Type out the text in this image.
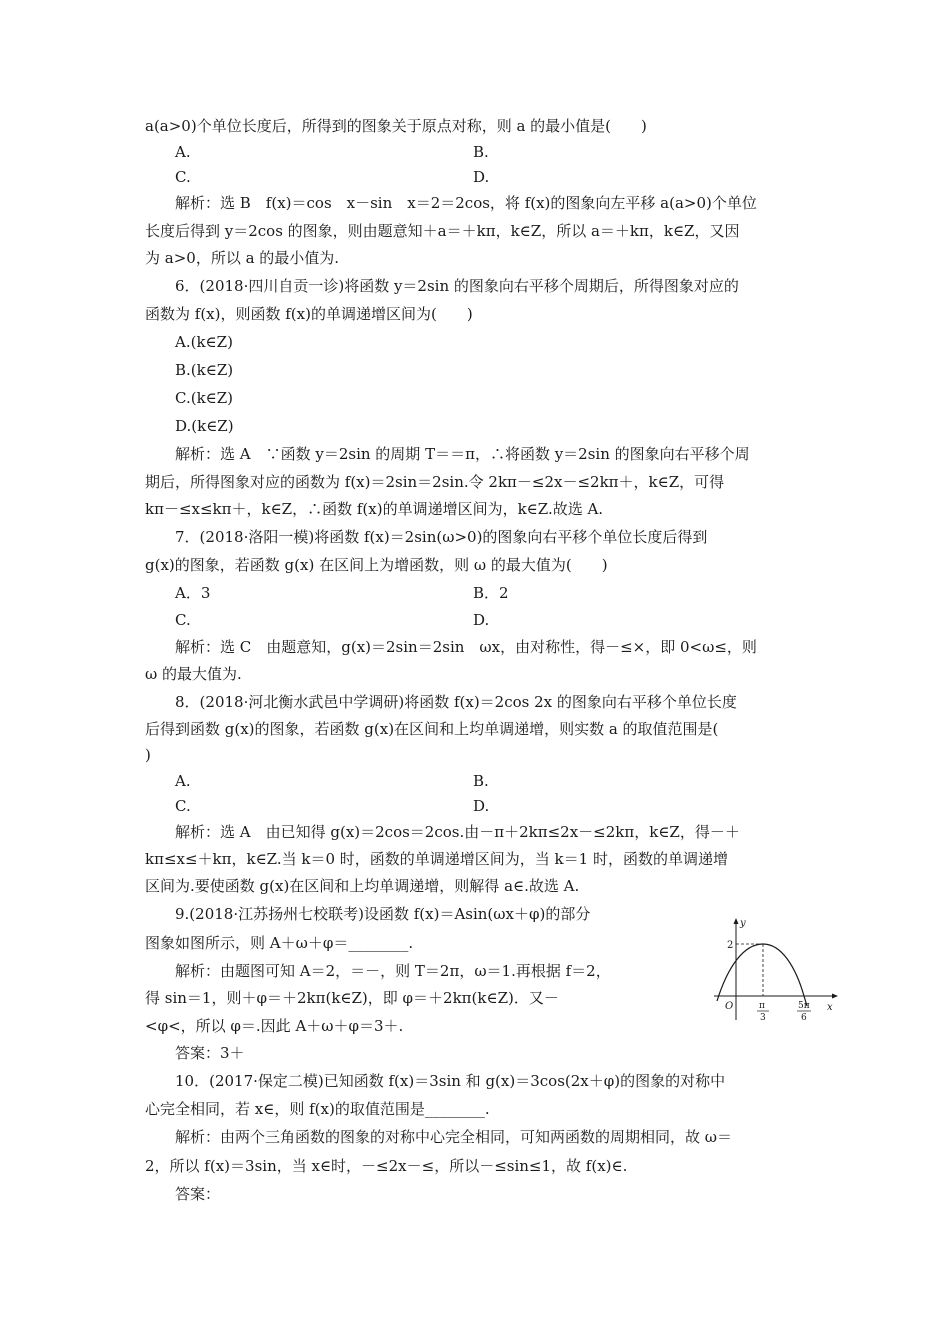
a(a>0)个单位长度后，所得到的图象关于原点对称，则 a 的最小值是(　　)
A.
C.
解析：选 B　f(x)＝cos　x－sin　x＝2＝2cos，将 f(x)的图象向左平移 a(a>0)个单位
长度后得到 y＝2cos 的图象，则由题意知＋a＝＋kπ，k∈Z，所以 a＝＋kπ，k∈Z，又因
为 a>0，所以 a 的最小值为.
6．(2018·四川自贡一诊)将函数 y＝2sin 的图象向右平移个周期后，所得图象对应的
函数为 f(x)，则函数 f(x)的单调递增区间为(　　)
A.(k∈Z)
B.(k∈Z)
C.(k∈Z)
D.(k∈Z)
解析：选 A　∵函数 y＝2sin 的周期 T＝＝π，∴将函数 y＝2sin 的图象向右平移个周
期后，所得图象对应的函数为 f(x)＝2sin＝2sin.令 2kπ－≤2x－≤2kπ＋，k∈Z，可得
kπ－≤x≤kπ＋，k∈Z，∴函数 f(x)的单调递增区间为，k∈Z.故选 A.
7．(2018·洛阳一模)将函数 f(x)＝2sin(ω>0)的图象向右平移个单位长度后得到
g(x)的图象，若函数 g(x) 在区间上为增函数，则 ω 的最大值为(　　)
A．3
C.
解析：选 C　由题意知，g(x)＝2sin＝2sin　ωx，由对称性，得－≤×，即 0<ω≤，则
ω 的最大值为.
8．(2018·河北衡水武邑中学调研)将函数 f(x)＝2cos 2x 的图象向右平移个单位长度
后得到函数 g(x)的图象，若函数 g(x)在区间和上均单调递增，则实数 a 的取值范围是(
)
A.
C.
解析：选 A　由已知得 g(x)＝2cos＝2cos.由－π＋2kπ≤2x－≤2kπ，k∈Z，得－＋
kπ≤x≤＋kπ，k∈Z.当 k＝0 时，函数的单调递增区间为，当 k＝1 时，函数的单调递增
区间为.要使函数 g(x)在区间和上均单调递增，则解得 a∈.故选 A.
9.(2018·江苏扬州七校联考)设函数 f(x)＝Asin(ωx＋φ)的部分
图象如图所示，则 A＋ω＋φ＝________.
解析：由题图可知 A＝2，＝－，则 T＝2π，ω＝1.再根据 f＝2，
得 sin＝1，则＋φ＝＋2kπ(k∈Z)，即 φ＝＋2kπ(k∈Z)．又－
<φ<，所以 φ＝.因此 A＋ω＋φ＝3＋.
答案：3＋
10．(2017·保定二模)已知函数 f(x)＝3sin 和 g(x)＝3cos(2x＋φ)的图象的对称中
心完全相同，若 x∈，则 f(x)的取值范围是________.
解析：由两个三角函数的图象的对称中心完全相同，可知两函数的周期相同，故 ω＝
2，所以 f(x)＝3sin，当 x∈时，－≤2x－≤，所以－≤sin≤1，故 f(x)∈.
答案：
B.
D.
B．2
D.
B.
D.
y
x
O
2
π
3
5π
6
